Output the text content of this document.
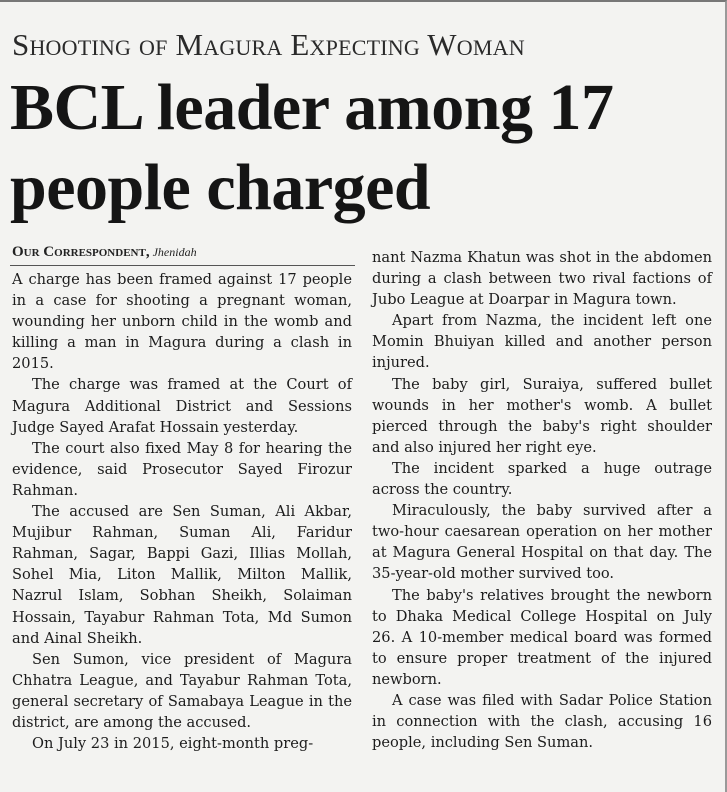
Shooting of Magura Expecting Woman
BCL leader among 17 people charged
Our Correspondent, Jhenidah

A charge has been framed against 17 people in a case for shooting a pregnant woman, wounding her unborn child in the womb and killing a man in Magura during a clash in 2015.

The charge was framed at the Court of Magura Additional District and Sessions Judge Sayed Arafat Hossain yesterday.

The court also fixed May 8 for hearing the evidence, said Prosecutor Sayed Firozur Rahman.

The accused are Sen Suman, Ali Akbar, Mujibur Rahman, Suman Ali, Faridur Rahman, Sagar, Bappi Gazi, Illias Mollah, Sohel Mia, Liton Mallik, Milton Mallik, Nazrul Islam, Sobhan Sheikh, Solaiman Hossain, Tayabur Rahman Tota, Md Sumon and Ainal Sheikh.

Sen Sumon, vice president of Magura Chhatra League, and Tayabur Rahman Tota, general secretary of Samabaya League in the district, are among the accused.

On July 23 in 2015, eight-month preg-

nant Nazma Khatun was shot in the abdomen during a clash between two rival factions of Jubo League at Doarpar in Magura town.

Apart from Nazma, the incident left one Momin Bhuiyan killed and another person injured.

The baby girl, Suraiya, suffered bullet wounds in her mother's womb. A bullet pierced through the baby's right shoulder and also injured her right eye.

The incident sparked a huge outrage across the country.

Miraculously, the baby survived after a two-hour caesarean operation on her mother at Magura General Hospital on that day. The 35-year-old mother survived too.

The baby's relatives brought the newborn to Dhaka Medical College Hospital on July 26. A 10-member medical board was formed to ensure proper treatment of the injured newborn.

A case was filed with Sadar Police Station in connection with the clash, accusing 16 people, including Sen Suman.
